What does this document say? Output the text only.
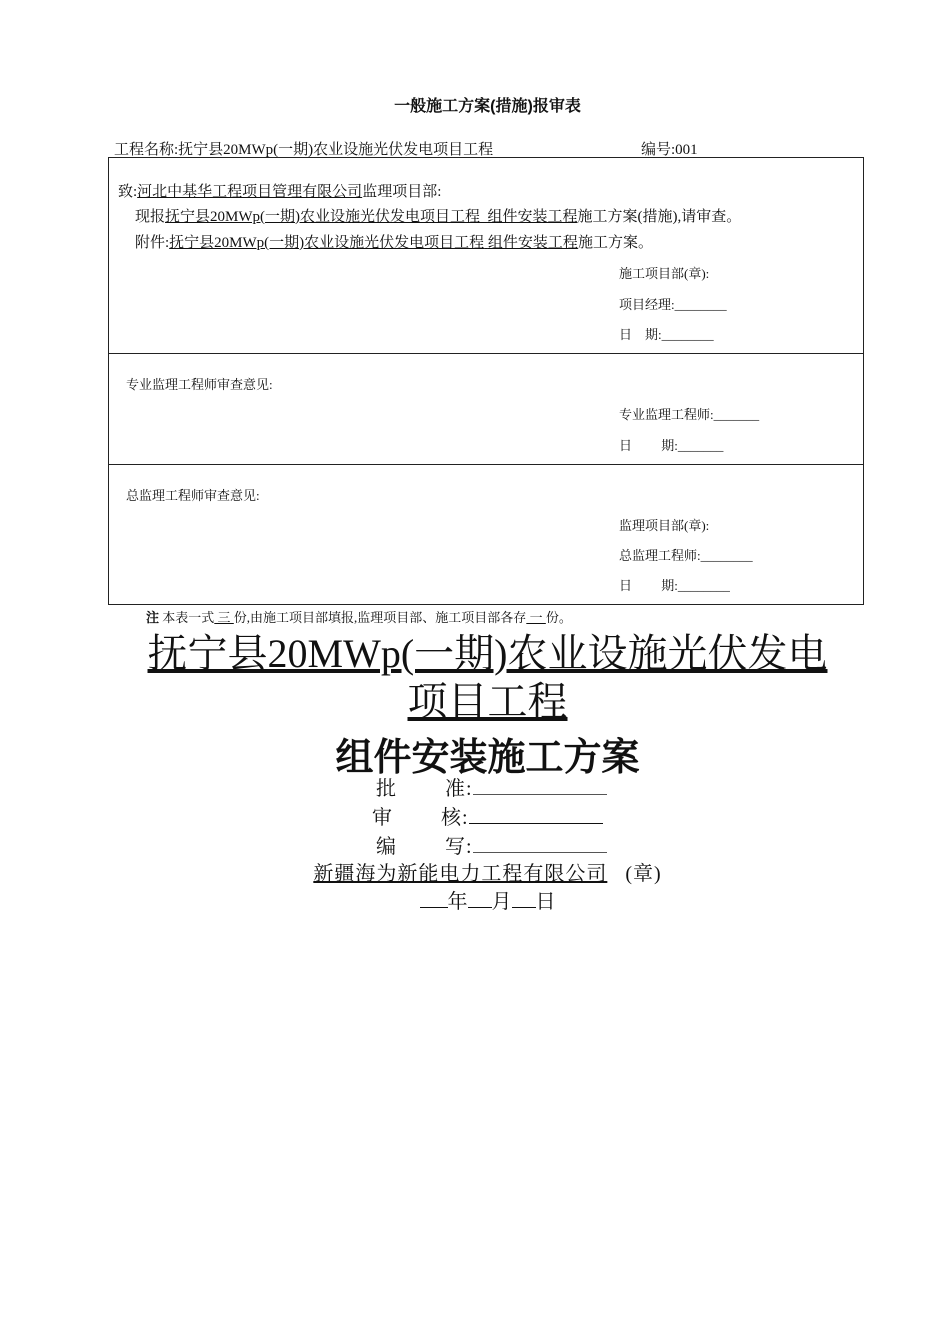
一般施工方案(措施)报审表
工程名称:抚宁县20MWp(一期)农业设施光伏发电项目工程	编号:001
致:河北中基华工程项目管理有限公司监理项目部:
现报抚宁县20MWp(一期)农业设施光伏发电项目工程 组件安装工程施工方案(措施),请审查。
附件:抚宁县20MWp(一期)农业设施光伏发电项目工程 组件安装工程施工方案。
施工项目部(章):
项目经理:________
日    期:________
专业监理工程师审查意见:
专业监理工程师:_______
日         期:_______
总监理工程师审查意见:
监理项目部(章):
总监理工程师:________
日         期:________
注 本表一式 三 份,由施工项目部填报,监理项目部、施工项目部各存 一 份。
抚宁县20MWp(一期)农业设施光伏发电
项目工程
组件安装施工方案
批        准:
审        核:
编        写:
新疆海为新能电力工程有限公司 (章)
年 月 日
